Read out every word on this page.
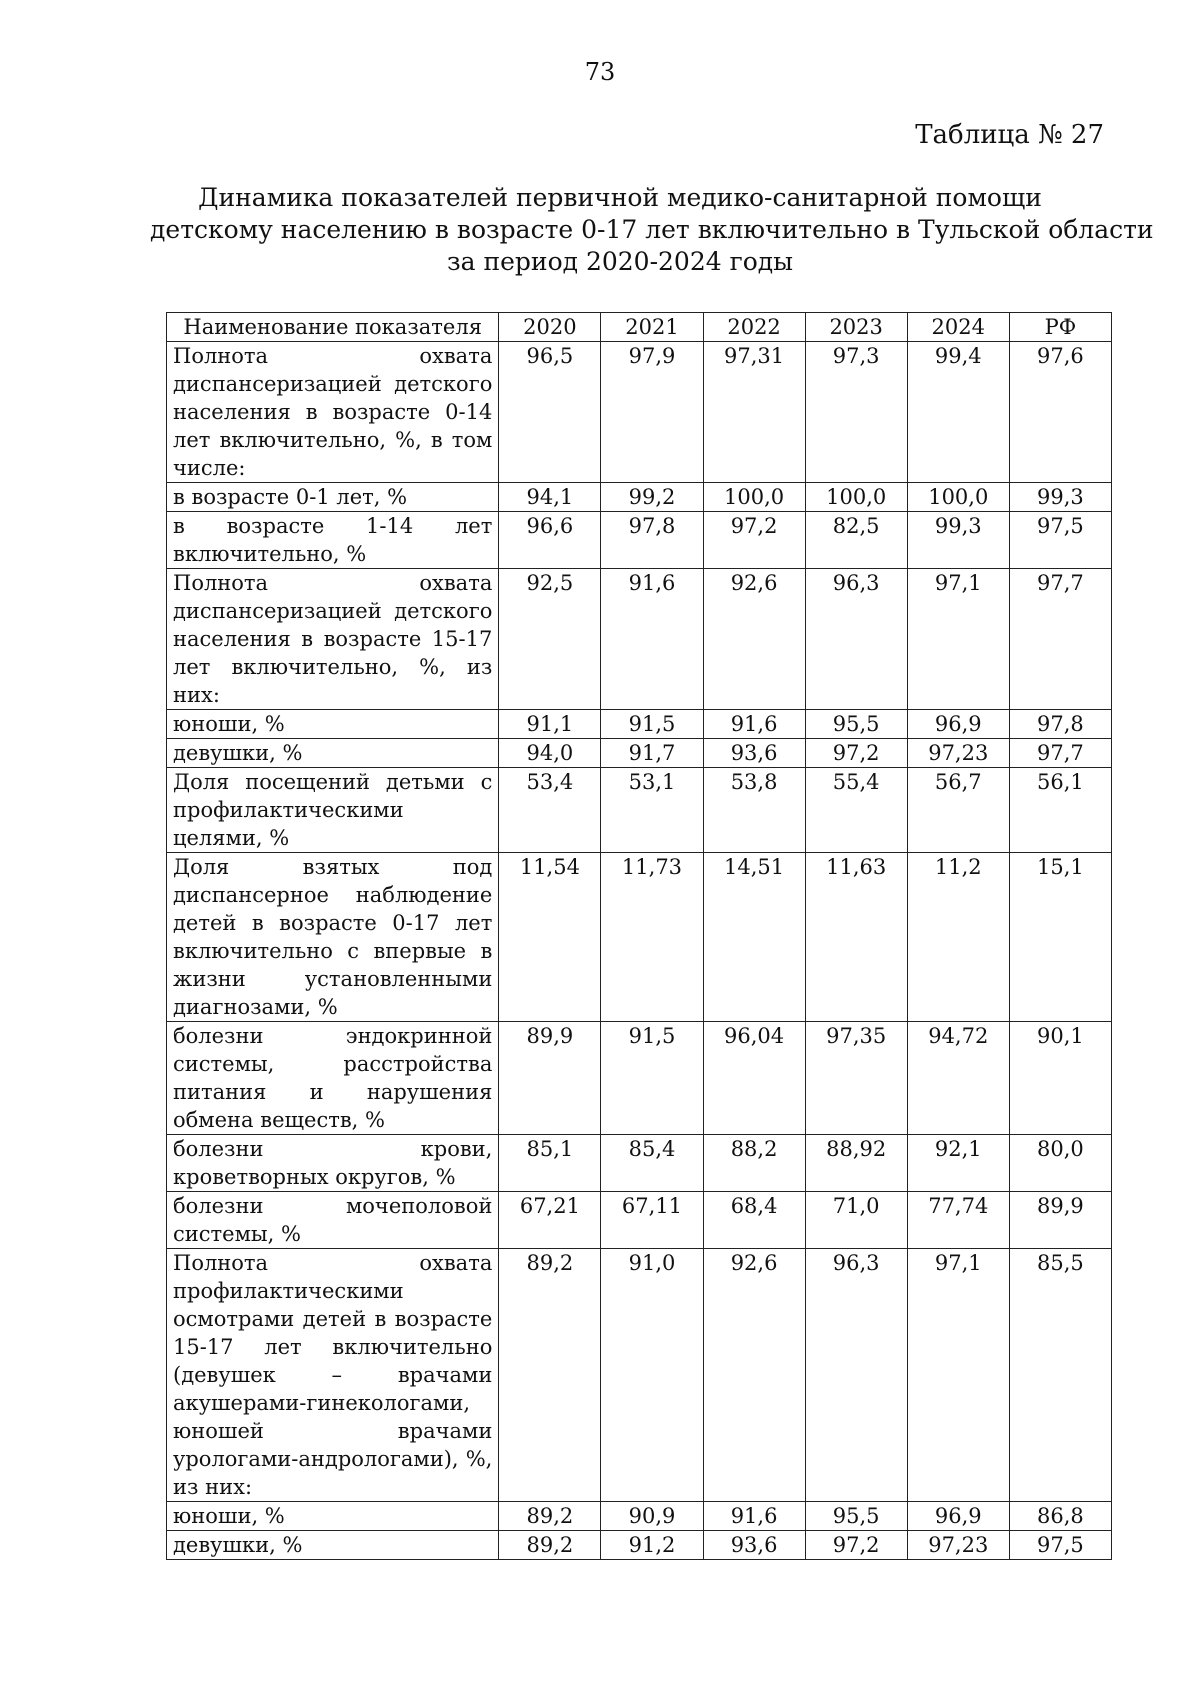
73
Таблица № 27
Динамика показателей первичной медико-санитарной помощи
детскому населению в возрасте 0-17 лет включительно в Тульской области
за период 2020-2024 годы
Наименование показателя	2020	2021	2022	2023	2024	РФ
Полнота охвата диспансеризацией детского населения в возрасте 0-14 лет включительно, %, в том числе:	96,5	97,9	97,31	97,3	99,4	97,6
в возрасте 0-1 лет, %	94,1	99,2	100,0	100,0	100,0	99,3
в возрасте 1-14 лет включительно, %	96,6	97,8	97,2	82,5	99,3	97,5
Полнота охвата диспансеризацией детского населения в возрасте 15-17 лет включительно, %, из них:	92,5	91,6	92,6	96,3	97,1	97,7
юноши, %	91,1	91,5	91,6	95,5	96,9	97,8
девушки, %	94,0	91,7	93,6	97,2	97,23	97,7
Доля посещений детьми с профилактическими целями, %	53,4	53,1	53,8	55,4	56,7	56,1
Доля взятых под диспансерное наблюдение детей в возрасте 0-17 лет включительно с впервые в жизни установленными диагнозами, %	11,54	11,73	14,51	11,63	11,2	15,1
болезни эндокринной системы, расстройства питания и нарушения обмена веществ, %	89,9	91,5	96,04	97,35	94,72	90,1
болезни крови, кроветворных округов, %	85,1	85,4	88,2	88,92	92,1	80,0
болезни мочеполовой системы, %	67,21	67,11	68,4	71,0	77,74	89,9
Полнота охвата профилактическими осмотрами детей в возрасте 15-17 лет включительно (девушек – врачами акушерами-гинекологами, юношей врачами урологами-андрологами), %, из них:	89,2	91,0	92,6	96,3	97,1	85,5
юноши, %	89,2	90,9	91,6	95,5	96,9	86,8
девушки, %	89,2	91,2	93,6	97,2	97,23	97,5
